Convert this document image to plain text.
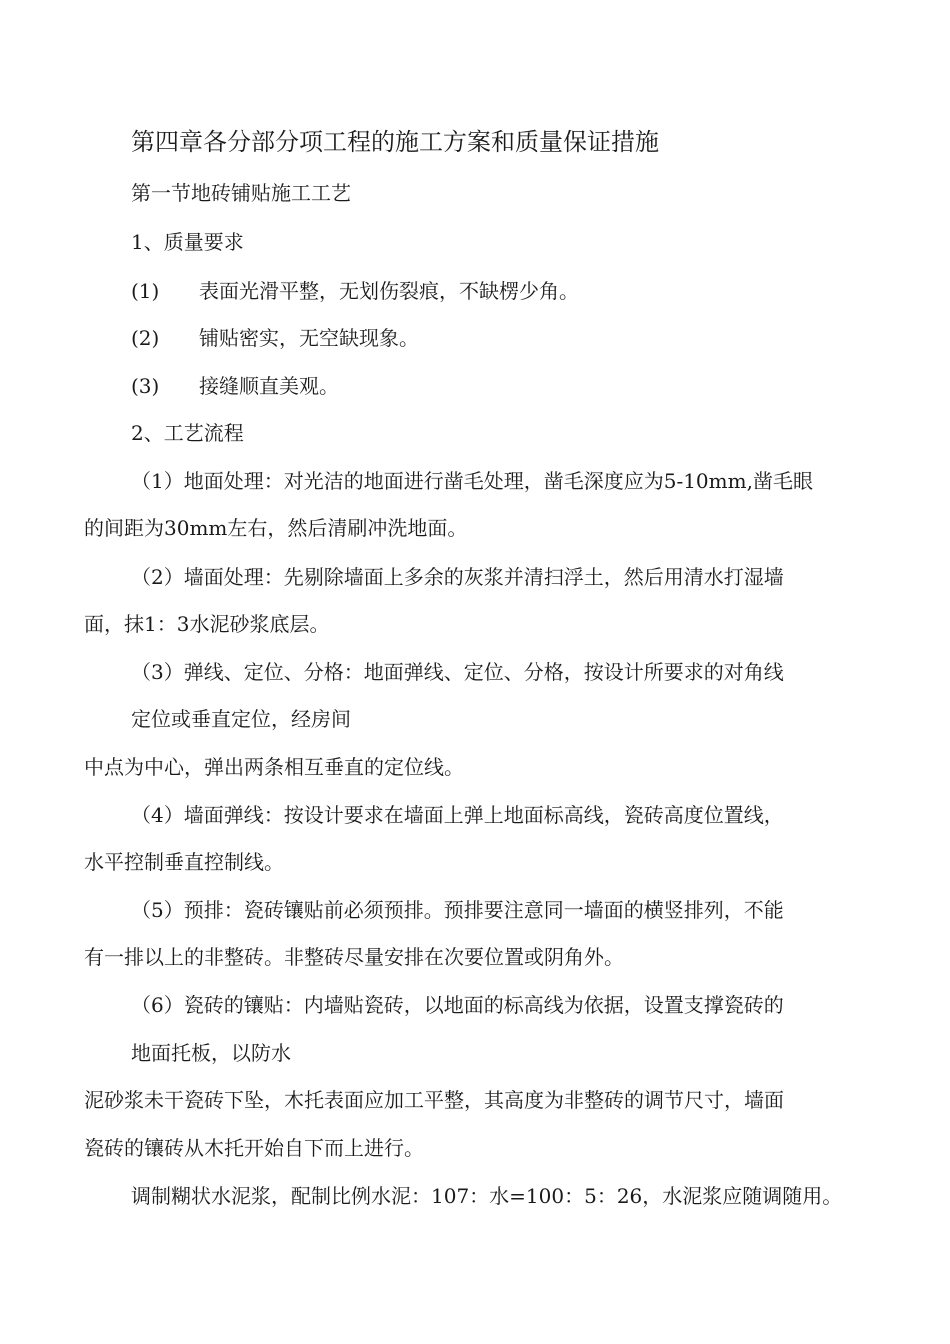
第四章各分部分项工程的施工方案和质量保证措施
第一节地砖铺贴施工工艺
1、质量要求
(1) 表面光滑平整，无划伤裂痕，不缺楞少角。
(2) 铺贴密实，无空缺现象。
(3) 接缝顺直美观。
2、工艺流程
（1）地面处理：对光洁的地面进行凿毛处理，凿毛深度应为5-10mm,凿毛眼
的间距为30mm左右，然后清刷冲洗地面。
（2）墙面处理：先剔除墙面上多余的灰浆并清扫浮土，然后用清水打湿墙
面，抹1：3水泥砂浆底层。
（3）弹线、定位、分格：地面弹线、定位、分格，按设计所要求的对角线
定位或垂直定位，经房间
中点为中心，弹出两条相互垂直的定位线。
（4）墙面弹线：按设计要求在墙面上弹上地面标高线，瓷砖高度位置线，
水平控制垂直控制线。
（5）预排：瓷砖镶贴前必须预排。预排要注意同一墙面的横竖排列，不能
有一排以上的非整砖。非整砖尽量安排在次要位置或阴角外。
（6）瓷砖的镶贴：内墙贴瓷砖，以地面的标高线为依据，设置支撑瓷砖的
地面托板，以防水
泥砂浆未干瓷砖下坠，木托表面应加工平整，其高度为非整砖的调节尺寸，墙面
瓷砖的镶砖从木托开始自下而上进行。
调制糊状水泥浆，配制比例水泥：107：水=100：5：26，水泥浆应随调随用。
